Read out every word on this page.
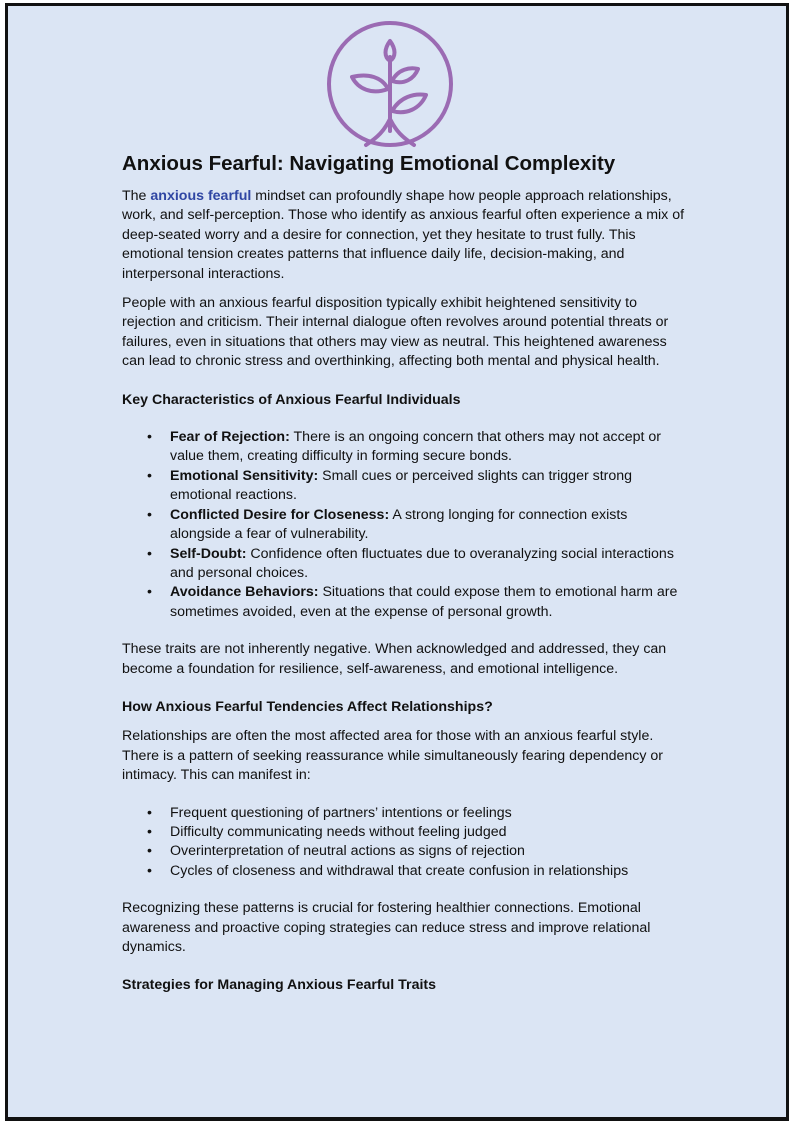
Anxious Fearful: Navigating Emotional Complexity

The anxious fearful mindset can profoundly shape how people approach relationships, work, and self-perception. Those who identify as anxious fearful often experience a mix of deep-seated worry and a desire for connection, yet they hesitate to trust fully. This emotional tension creates patterns that influence daily life, decision-making, and interpersonal interactions.

People with an anxious fearful disposition typically exhibit heightened sensitivity to rejection and criticism. Their internal dialogue often revolves around potential threats or failures, even in situations that others may view as neutral. This heightened awareness can lead to chronic stress and overthinking, affecting both mental and physical health.

Key Characteristics of Anxious Fearful Individuals
• Fear of Rejection: There is an ongoing concern that others may not accept or value them, creating difficulty in forming secure bonds.
• Emotional Sensitivity: Small cues or perceived slights can trigger strong emotional reactions.
• Conflicted Desire for Closeness: A strong longing for connection exists alongside a fear of vulnerability.
• Self-Doubt: Confidence often fluctuates due to overanalyzing social interactions and personal choices.
• Avoidance Behaviors: Situations that could expose them to emotional harm are sometimes avoided, even at the expense of personal growth.

These traits are not inherently negative. When acknowledged and addressed, they can become a foundation for resilience, self-awareness, and emotional intelligence.

How Anxious Fearful Tendencies Affect Relationships?

Relationships are often the most affected area for those with an anxious fearful style. There is a pattern of seeking reassurance while simultaneously fearing dependency or intimacy. This can manifest in:

• Frequent questioning of partners’ intentions or feelings
• Difficulty communicating needs without feeling judged
• Overinterpretation of neutral actions as signs of rejection
• Cycles of closeness and withdrawal that create confusion in relationships

Recognizing these patterns is crucial for fostering healthier connections. Emotional awareness and proactive coping strategies can reduce stress and improve relational dynamics.

Strategies for Managing Anxious Fearful Traits
